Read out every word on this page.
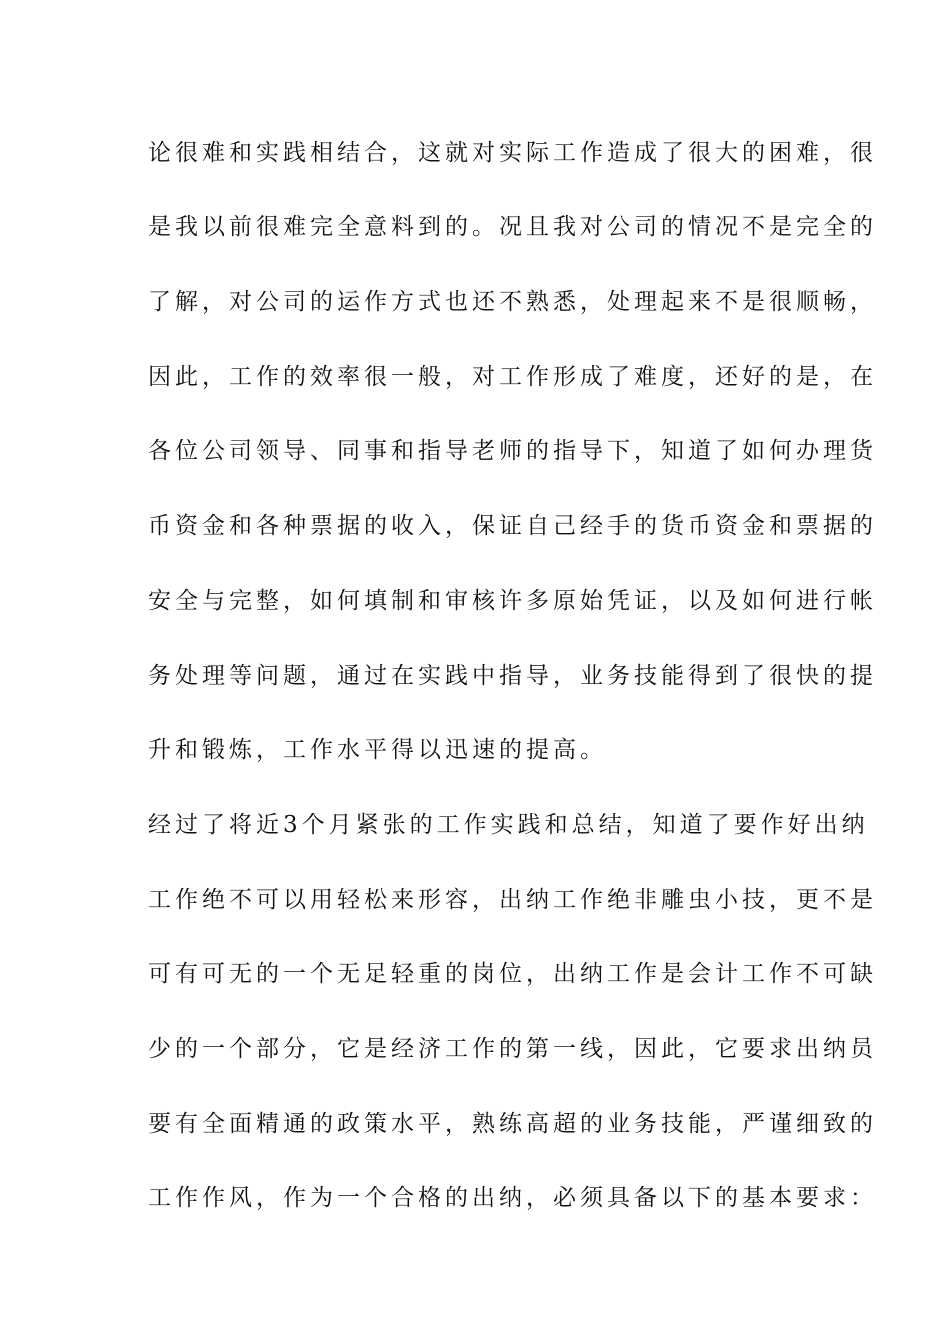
论很难和实践相结合，这就对实际工作造成了很大的困难，很
是我以前很难完全意料到的。况且我对公司的情况不是完全的
了解，对公司的运作方式也还不熟悉，处理起来不是很顺畅，
因此，工作的效率很一般，对工作形成了难度，还好的是，在
各位公司领导、同事和指导老师的指导下，知道了如何办理货
币资金和各种票据的收入，保证自己经手的货币资金和票据的
安全与完整，如何填制和审核许多原始凭证，以及如何进行帐
务处理等问题，通过在实践中指导，业务技能得到了很快的提
升和锻炼，工作水平得以迅速的提高。
经过了将近3个月紧张的工作实践和总结，知道了要作好出纳
工作绝不可以用轻松来形容，出纳工作绝非雕虫小技，更不是
可有可无的一个无足轻重的岗位，出纳工作是会计工作不可缺
少的一个部分，它是经济工作的第一线，因此，它要求出纳员
要有全面精通的政策水平，熟练高超的业务技能，严谨细致的
工作作风，作为一个合格的出纳，必须具备以下的基本要求：
